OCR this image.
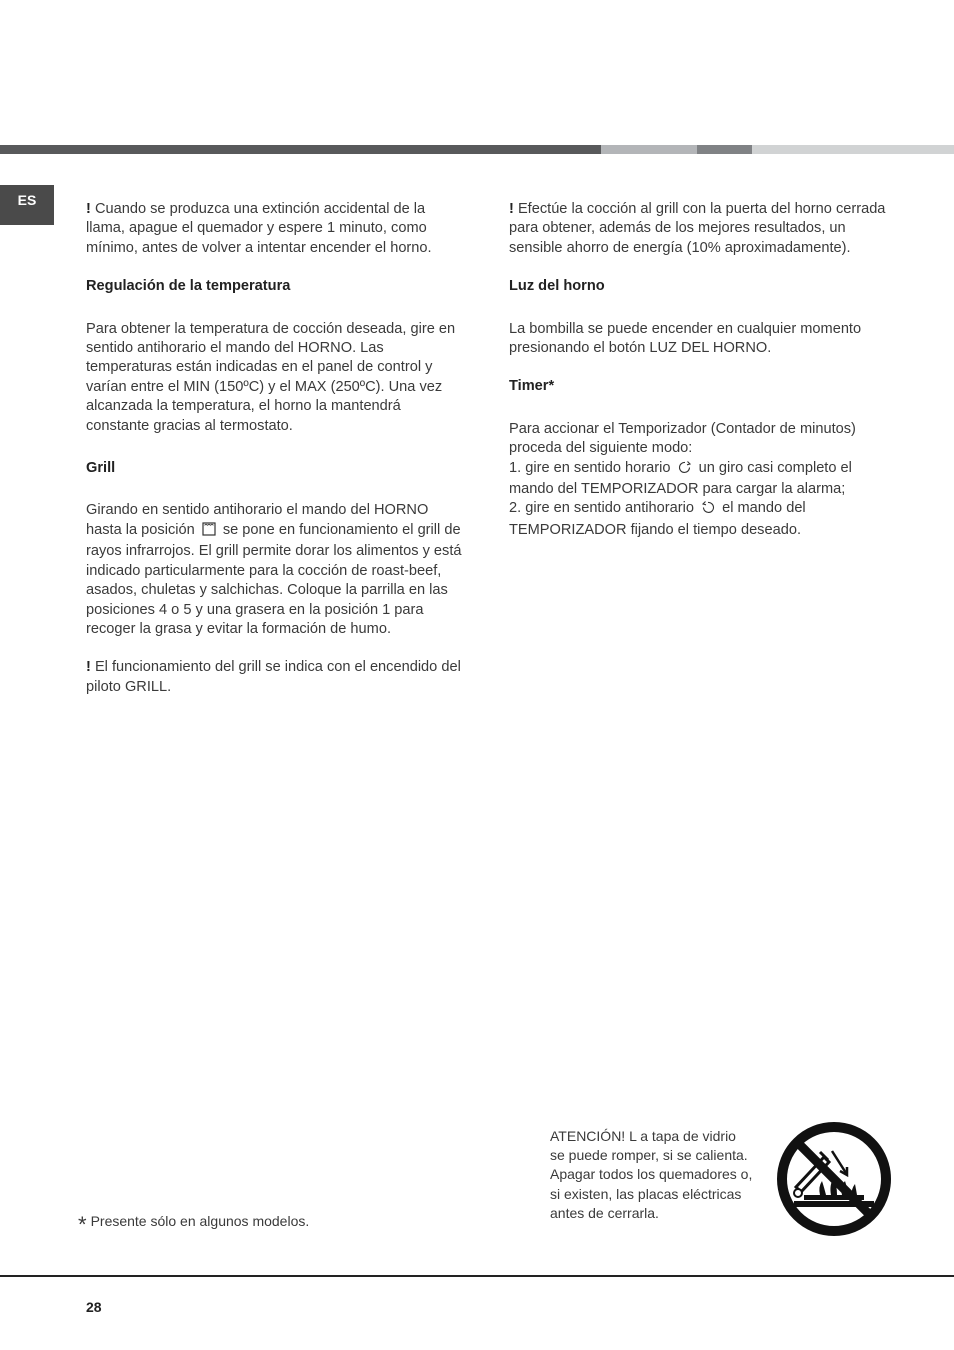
ES

! Cuando se produzca una extinción accidental de la llama, apague el quemador y espere 1 minuto, como mínimo, antes de volver a intentar encender el horno.

Regulación de la temperatura

Para obtener la temperatura de cocción deseada, gire en sentido antihorario el mando del HORNO. Las temperaturas están indicadas en el panel de control y varían entre el MIN (150ºC) y el MAX (250ºC). Una vez alcanzada la temperatura, el horno la mantendrá constante gracias al termostato.

Grill

Girando en sentido antihorario el mando del HORNO hasta la posición se pone en funcionamiento el grill de rayos infrarrojos. El grill permite dorar los alimentos y está indicado particularmente para la cocción de roast-beef, asados, chuletas y salchichas. Coloque la parrilla en las posiciones 4 o 5 y una grasera en la posición 1 para recoger la grasa y evitar la formación de humo.

! El funcionamiento del grill se indica con el encendido del piloto GRILL.

! Efectúe la cocción al grill con la puerta del horno cerrada para obtener, además de los mejores resultados, un sensible ahorro de energía (10% aproximadamente).

Luz del horno

La bombilla se puede encender en cualquier momento presionando el botón LUZ DEL HORNO.

Timer*

Para accionar el Temporizador (Contador de minutos) proceda del siguiente modo:
1. gire en sentido horario un giro casi completo el mando del TEMPORIZADOR para cargar la alarma;
2. gire en sentido antihorario el mando del TEMPORIZADOR fijando el tiempo deseado.

* Presente sólo en algunos modelos.
ATENCIÓN! L a tapa de vidrio
se puede romper, si se calienta.
Apagar todos los quemadores o,
si existen, las placas eléctricas
antes de cerrarla.
28
